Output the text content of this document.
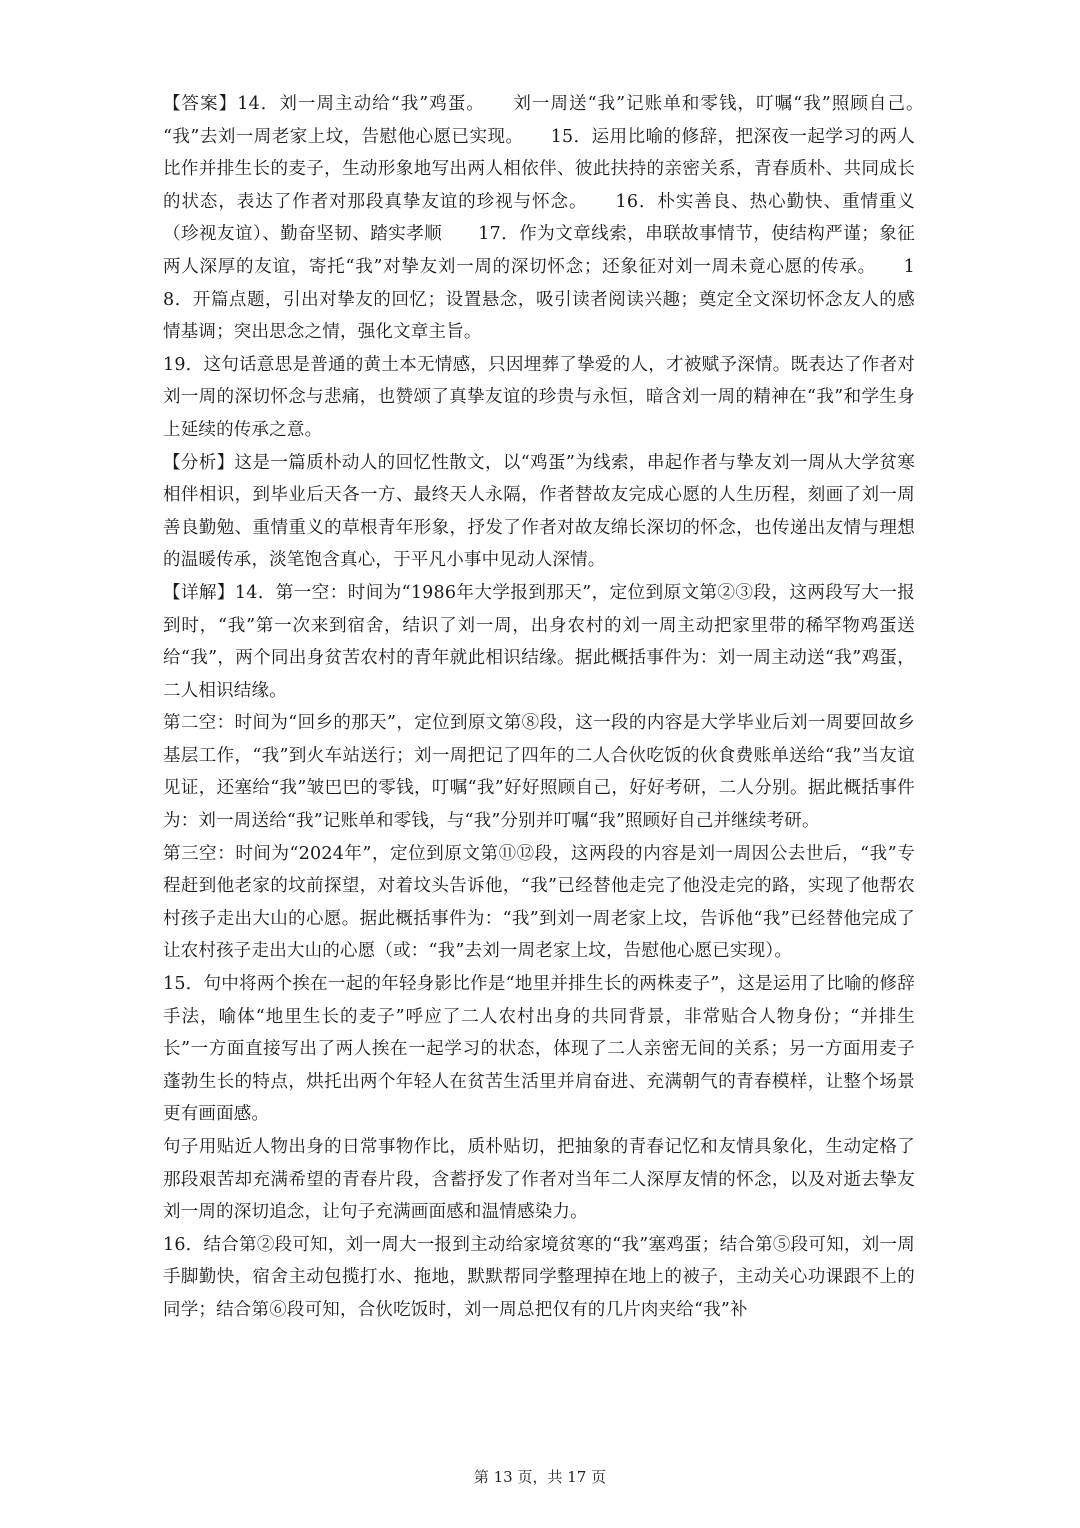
【答案】14．刘一周主动给“我”鸡蛋。　　刘一周送“我”记账单和零钱，叮嘱“我”照顾自己。　　“我”去刘一周老家上坟，告慰他心愿已实现。　　15．运用比喻的修辞，把深夜一起学习的两人比作并排生长的麦子，生动形象地写出两人相依伴、彼此扶持的亲密关系，青春质朴、共同成长的状态，表达了作者对那段真挚友谊的珍视与怀念。　　16．朴实善良、热心勤快、重情重义（珍视友谊）、勤奋坚韧、踏实孝顺　　17．作为文章线索，串联故事情节，使结构严谨；象征两人深厚的友谊，寄托“我”对挚友刘一周的深切怀念；还象征对刘一周未竟心愿的传承。　　18．开篇点题，引出对挚友的回忆；设置悬念，吸引读者阅读兴趣；奠定全文深切怀念友人的感情基调；突出思念之情，强化文章主旨。

19．这句话意思是普通的黄土本无情感，只因埋葬了挚爱的人，才被赋予深情。既表达了作者对刘一周的深切怀念与悲痛，也赞颂了真挚友谊的珍贵与永恒，暗含刘一周的精神在“我”和学生身上延续的传承之意。

【分析】这是一篇质朴动人的回忆性散文，以“鸡蛋”为线索，串起作者与挚友刘一周从大学贫寒相伴相识，到毕业后天各一方、最终天人永隔，作者替故友完成心愿的人生历程，刻画了刘一周善良勤勉、重情重义的草根青年形象，抒发了作者对故友绵长深切的怀念，也传递出友情与理想的温暖传承，淡笔饱含真心，于平凡小事中见动人深情。

【详解】14．第一空：时间为“1986年大学报到那天”，定位到原文第②③段，这两段写大一报到时，“我”第一次来到宿舍，结识了刘一周，出身农村的刘一周主动把家里带的稀罕物鸡蛋送给“我”，两个同出身贫苦农村的青年就此相识结缘。据此概括事件为：刘一周主动送“我”鸡蛋，二人相识结缘。

第二空：时间为“回乡的那天”，定位到原文第⑧段，这一段的内容是大学毕业后刘一周要回故乡基层工作，“我”到火车站送行；刘一周把记了四年的二人合伙吃饭的伙食费账单送给“我”当友谊见证，还塞给“我”皱巴巴的零钱，叮嘱“我”好好照顾自己，好好考研，二人分别。据此概括事件为：刘一周送给“我”记账单和零钱，与“我”分别并叮嘱“我”照顾好自己并继续考研。

第三空：时间为“2024年”，定位到原文第⑪⑫段，这两段的内容是刘一周因公去世后，“我”专程赶到他老家的坟前探望，对着坟头告诉他，“我”已经替他走完了他没走完的路，实现了他帮农村孩子走出大山的心愿。据此概括事件为：“我”到刘一周老家上坟，告诉他“我”已经替他完成了让农村孩子走出大山的心愿（或：“我”去刘一周老家上坟，告慰他心愿已实现）。

15．句中将两个挨在一起的年轻身影比作是“地里并排生长的两株麦子”，这是运用了比喻的修辞手法，喻体“地里生长的麦子”呼应了二人农村出身的共同背景，非常贴合人物身份；“并排生长”一方面直接写出了两人挨在一起学习的状态，体现了二人亲密无间的关系；另一方面用麦子蓬勃生长的特点，烘托出两个年轻人在贫苦生活里并肩奋进、充满朝气的青春模样，让整个场景更有画面感。

句子用贴近人物出身的日常事物作比，质朴贴切，把抽象的青春记忆和友情具象化，生动定格了那段艰苦却充满希望的青春片段，含蓄抒发了作者对当年二人深厚友情的怀念，以及对逝去挚友刘一周的深切追念，让句子充满画面感和温情感染力。

16．结合第②段可知，刘一周大一报到主动给家境贫寒的“我”塞鸡蛋；结合第⑤段可知，刘一周手脚勤快，宿舍主动包揽打水、拖地，默默帮同学整理掉在地上的被子，主动关心功课跟不上的同学；结合第⑥段可知，合伙吃饭时，刘一周总把仅有的几片肉夹给“我”补

第 13 页，共 17 页
